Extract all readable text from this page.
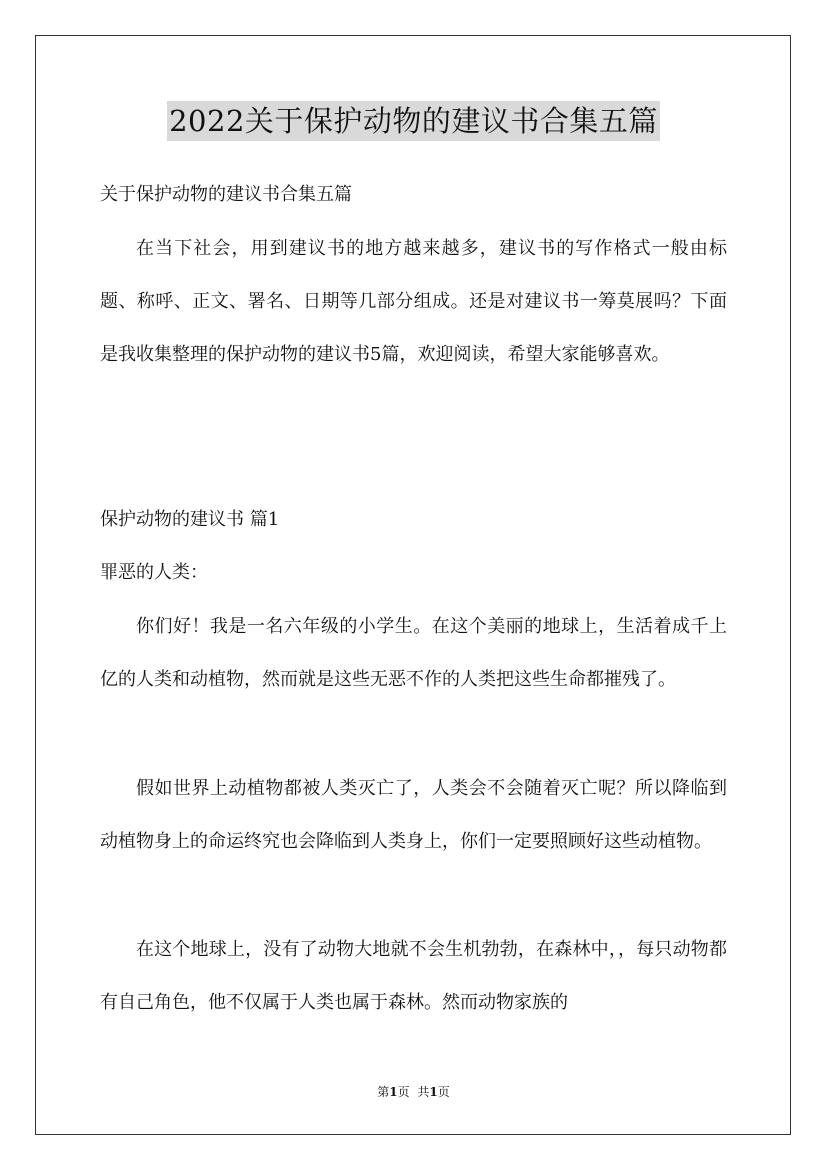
2022关于保护动物的建议书合集五篇
关于保护动物的建议书合集五篇

在当下社会，用到建议书的地方越来越多，建议书的写作格式一般由标题、称呼、正文、署名、日期等几部分组成。还是对建议书一筹莫展吗？下面是我收集整理的保护动物的建议书5篇，欢迎阅读，希望大家能够喜欢。

保护动物的建议书 篇1
罪恶的人类：

你们好！我是一名六年级的小学生。在这个美丽的地球上，生活着成千上亿的人类和动植物，然而就是这些无恶不作的人类把这些生命都摧残了。

假如世界上动植物都被人类灭亡了，人类会不会随着灭亡呢？所以降临到动植物身上的命运终究也会降临到人类身上，你们一定要照顾好这些动植物。

在这个地球上，没有了动物大地就不会生机勃勃，在森林中，，每只动物都有自己角色，他不仅属于人类也属于森林。然而动物家族的

第1页 共1页
